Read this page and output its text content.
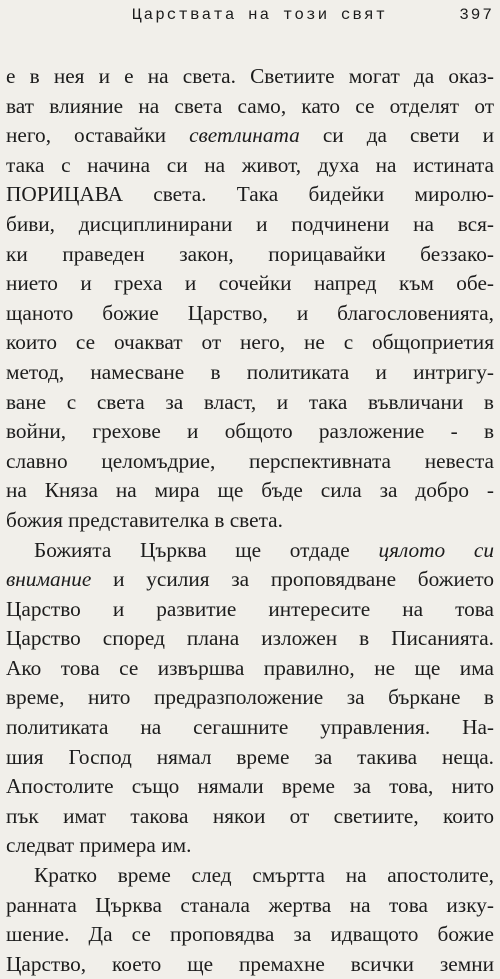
Царствата на този свят	397
е в нея и е на света. Светиите могат да оказ-
ват влияние на света само, като се отделят от
него, оставайки светлината си да свети и
така с начина си на живот, духа на истината
ПОРИЦАВА света. Така бидейки миролю-
биви, дисциплинирани и подчинени на вся-
ки праведен закон, порицавайки беззако-
нието и греха и сочейки напред към обе-
щаното божие Царство, и благословенията,
които се очакват от него, не с общоприетия
метод, намесване в политиката и интригу-
ване с света за власт, и така въвличани в
войни, грехове и общото разложение - в
славно целомъдрие, перспективната невеста
на Княза на мира ще бъде сила за добро -
божия представителка в света.
Божията Църква ще отдаде цялото си
внимание и усилия за проповядване божието
Царство и развитие интересите на това
Царство според плана изложен в Писанията.
Ако това се извършва правилно, не ще има
време, нито предразположение за бъркане в
политиката на сегашните управления. На-
шия Господ нямал време за такива неща.
Апостолите също нямали време за това, нито
пък имат такова някои от светиите, които
следват примера им.
Кратко време след смъртта на апостолите,
ранната Църква станала жертва на това изку-
шение. Да се проповядва за идващото божие
Царство, което ще премахне всички земни
